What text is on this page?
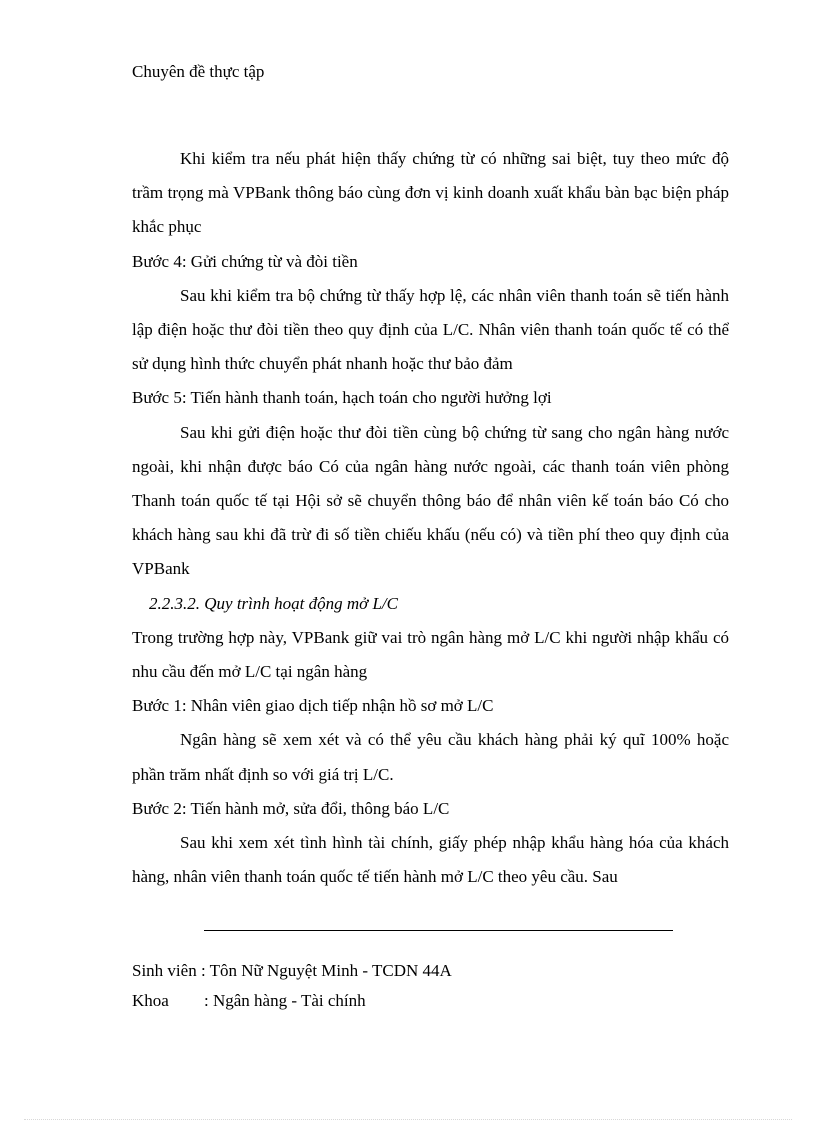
Chuyên đề thực tập

Khi kiểm tra nếu phát hiện thấy chứng từ có những sai biệt, tuy theo mức độ trầm trọng mà VPBank thông báo cùng đơn vị kinh doanh xuất khẩu bàn bạc biện pháp khắc phục

Bước 4: Gửi chứng từ và đòi tiền

Sau khi kiểm tra bộ chứng từ thấy hợp lệ, các nhân viên thanh toán sẽ tiến hành lập điện hoặc thư đòi tiền theo quy định của L/C. Nhân viên thanh toán quốc tế có thể sử dụng hình thức chuyển phát nhanh hoặc thư bảo đảm

Bước 5: Tiến hành thanh toán, hạch toán cho người hưởng lợi

Sau khi gửi điện hoặc thư đòi tiền cùng bộ chứng từ sang cho ngân hàng nước ngoài, khi nhận được báo Có của ngân hàng nước ngoài, các thanh toán viên phòng Thanh toán quốc tế tại Hội sở sẽ chuyển thông báo để nhân viên kế toán báo Có cho khách hàng sau khi đã trừ đi số tiền chiếu khấu (nếu có) và tiền phí theo quy định của VPBank

2.2.3.2. Quy trình hoạt động mở L/C

Trong trường hợp này, VPBank giữ vai trò ngân hàng mở L/C khi người nhập khẩu có nhu cầu đến mở L/C tại ngân hàng

Bước 1: Nhân viên giao dịch tiếp nhận hồ sơ mở L/C

Ngân hàng sẽ xem xét và có thể yêu cầu khách hàng phải ký quĩ 100% hoặc phần trăm nhất định so với giá trị L/C.

Bước 2: Tiến hành mở, sửa đổi, thông báo L/C

Sau khi xem xét tình hình tài chính, giấy phép nhập khẩu hàng hóa của khách hàng, nhân viên thanh toán quốc tế tiến hành mở L/C theo yêu cầu. Sau

Sinh viên : Tôn Nữ Nguyệt Minh - TCDN 44A

Khoa : Ngân hàng - Tài chính
